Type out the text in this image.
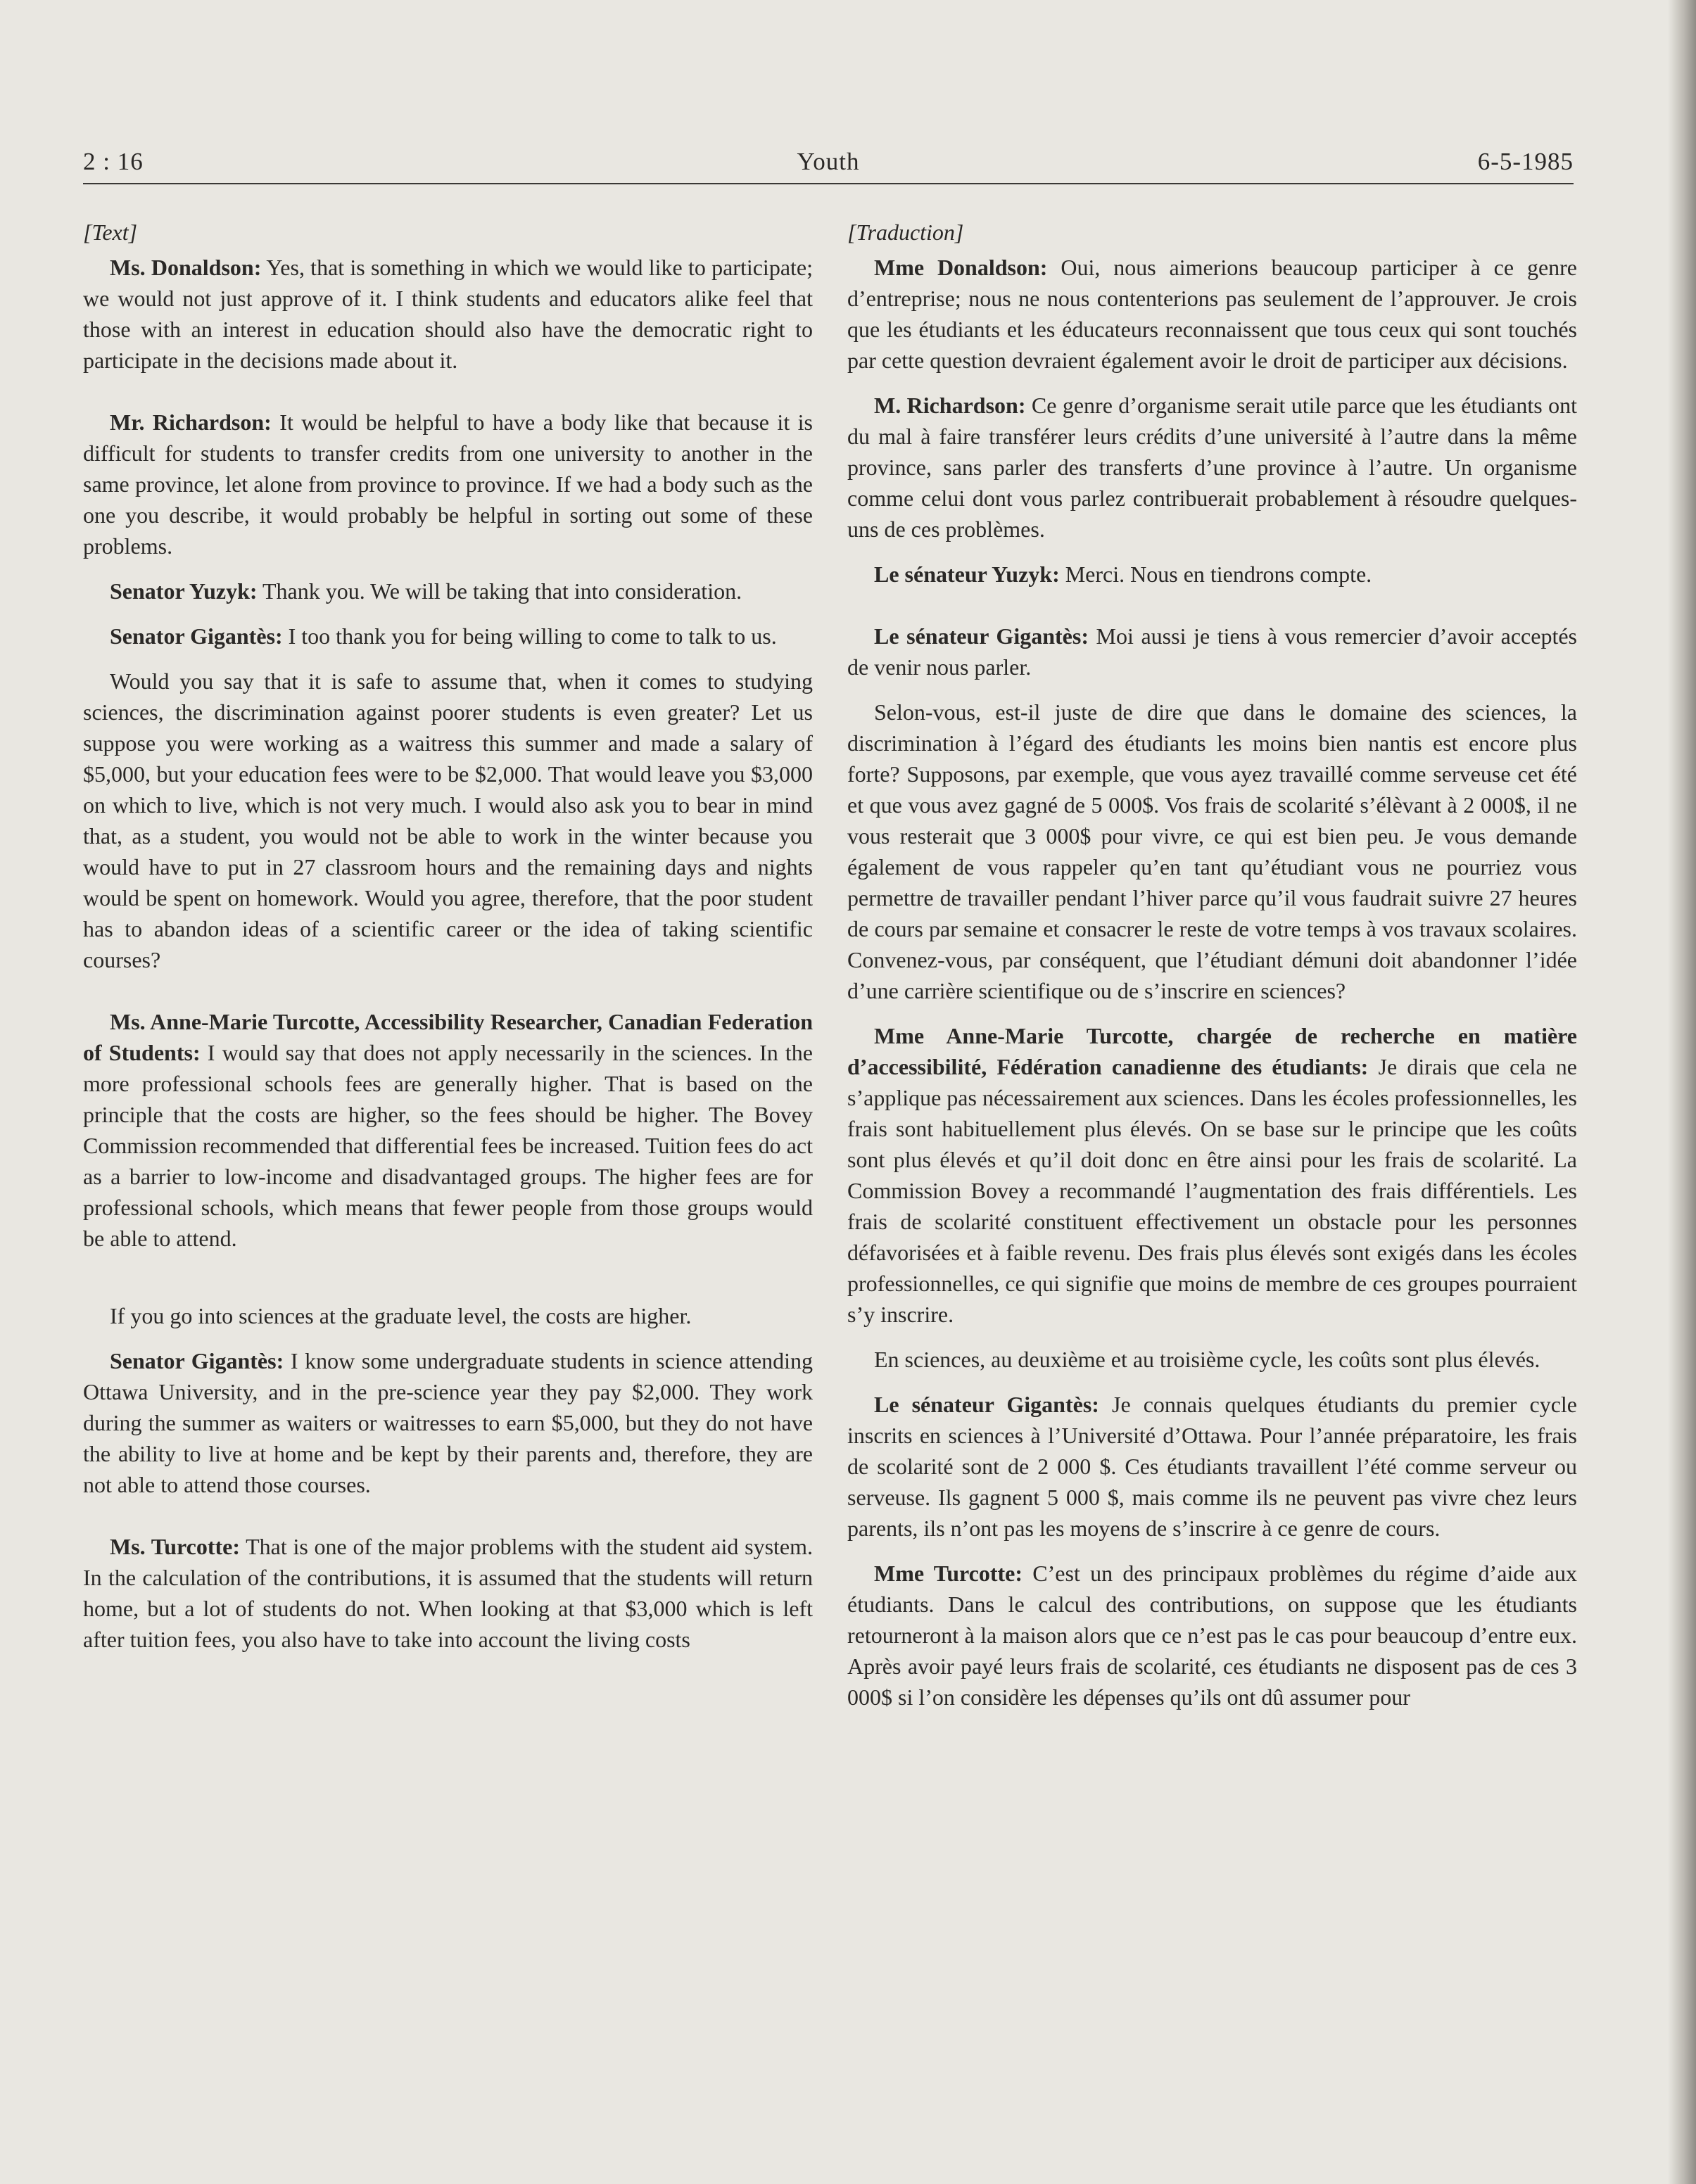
2 : 16	Youth	6-5-1985

[Text]

Ms. Donaldson: Yes, that is something in which we would like to participate; we would not just approve of it. I think students and educators alike feel that those with an interest in education should also have the democratic right to participate in the decisions made about it.

Mr. Richardson: It would be helpful to have a body like that because it is difficult for students to transfer credits from one university to another in the same province, let alone from province to province. If we had a body such as the one you describe, it would probably be helpful in sorting out some of these problems.

Senator Yuzyk: Thank you. We will be taking that into consideration.

Senator Gigantès: I too thank you for being willing to come to talk to us.

Would you say that it is safe to assume that, when it comes to studying sciences, the discrimination against poorer students is even greater? Let us suppose you were working as a waitress this summer and made a salary of $5,000, but your education fees were to be $2,000. That would leave you $3,000 on which to live, which is not very much. I would also ask you to bear in mind that, as a student, you would not be able to work in the winter because you would have to put in 27 classroom hours and the remaining days and nights would be spent on homework. Would you agree, therefore, that the poor student has to abandon ideas of a scientific career or the idea of taking scientific courses?

Ms. Anne-Marie Turcotte, Accessibility Researcher, Canadian Federation of Students: I would say that does not apply necessarily in the sciences. In the more professional schools fees are generally higher. That is based on the principle that the costs are higher, so the fees should be higher. The Bovey Commission recommended that differential fees be increased. Tuition fees do act as a barrier to low-income and disadvantaged groups. The higher fees are for professional schools, which means that fewer people from those groups would be able to attend.

If you go into sciences at the graduate level, the costs are higher.

Senator Gigantès: I know some undergraduate students in science attending Ottawa University, and in the pre-science year they pay $2,000. They work during the summer as waiters or waitresses to earn $5,000, but they do not have the ability to live at home and be kept by their parents and, therefore, they are not able to attend those courses.

Ms. Turcotte: That is one of the major problems with the student aid system. In the calculation of the contributions, it is assumed that the students will return home, but a lot of students do not. When looking at that $3,000 which is left after tuition fees, you also have to take into account the living costs

[Traduction]

Mme Donaldson: Oui, nous aimerions beaucoup participer à ce genre d’entreprise; nous ne nous contenterions pas seulement de l’approuver. Je crois que les étudiants et les éducateurs reconnaissent que tous ceux qui sont touchés par cette question devraient également avoir le droit de participer aux décisions.

M. Richardson: Ce genre d’organisme serait utile parce que les étudiants ont du mal à faire transférer leurs crédits d’une université à l’autre dans la même province, sans parler des transferts d’une province à l’autre. Un organisme comme celui dont vous parlez contribuerait probablement à résoudre quelques-uns de ces problèmes.

Le sénateur Yuzyk: Merci. Nous en tiendrons compte.

Le sénateur Gigantès: Moi aussi je tiens à vous remercier d’avoir acceptés de venir nous parler.

Selon-vous, est-il juste de dire que dans le domaine des sciences, la discrimination à l’égard des étudiants les moins bien nantis est encore plus forte? Supposons, par exemple, que vous ayez travaillé comme serveuse cet été et que vous avez gagné de 5 000$. Vos frais de scolarité s’élèvant à 2 000$, il ne vous resterait que 3 000$ pour vivre, ce qui est bien peu. Je vous demande également de vous rappeler qu’en tant qu’étudiant vous ne pourriez vous permettre de travailler pendant l’hiver parce qu’il vous faudrait suivre 27 heures de cours par semaine et consacrer le reste de votre temps à vos travaux scolaires. Convenez-vous, par conséquent, que l’étudiant démuni doit abandonner l’idée d’une carrière scientifique ou de s’inscrire en sciences?

Mme Anne-Marie Turcotte, chargée de recherche en matière d’accessibilité, Fédération canadienne des étudiants: Je dirais que cela ne s’applique pas nécessairement aux sciences. Dans les écoles professionnelles, les frais sont habituellement plus élevés. On se base sur le principe que les coûts sont plus élevés et qu’il doit donc en être ainsi pour les frais de scolarité. La Commission Bovey a recommandé l’augmentation des frais différentiels. Les frais de scolarité constituent effectivement un obstacle pour les personnes défavorisées et à faible revenu. Des frais plus élevés sont exigés dans les écoles professionnelles, ce qui signifie que moins de membre de ces groupes pourraient s’y inscrire.

En sciences, au deuxième et au troisième cycle, les coûts sont plus élevés.

Le sénateur Gigantès: Je connais quelques étudiants du premier cycle inscrits en sciences à l’Université d’Ottawa. Pour l’année préparatoire, les frais de scolarité sont de 2 000 $. Ces étudiants travaillent l’été comme serveur ou serveuse. Ils gagnent 5 000 $, mais comme ils ne peuvent pas vivre chez leurs parents, ils n’ont pas les moyens de s’inscrire à ce genre de cours.

Mme Turcotte: C’est un des principaux problèmes du régime d’aide aux étudiants. Dans le calcul des contributions, on suppose que les étudiants retourneront à la maison alors que ce n’est pas le cas pour beaucoup d’entre eux. Après avoir payé leurs frais de scolarité, ces étudiants ne disposent pas de ces 3 000$ si l’on considère les dépenses qu’ils ont dû assumer pour
